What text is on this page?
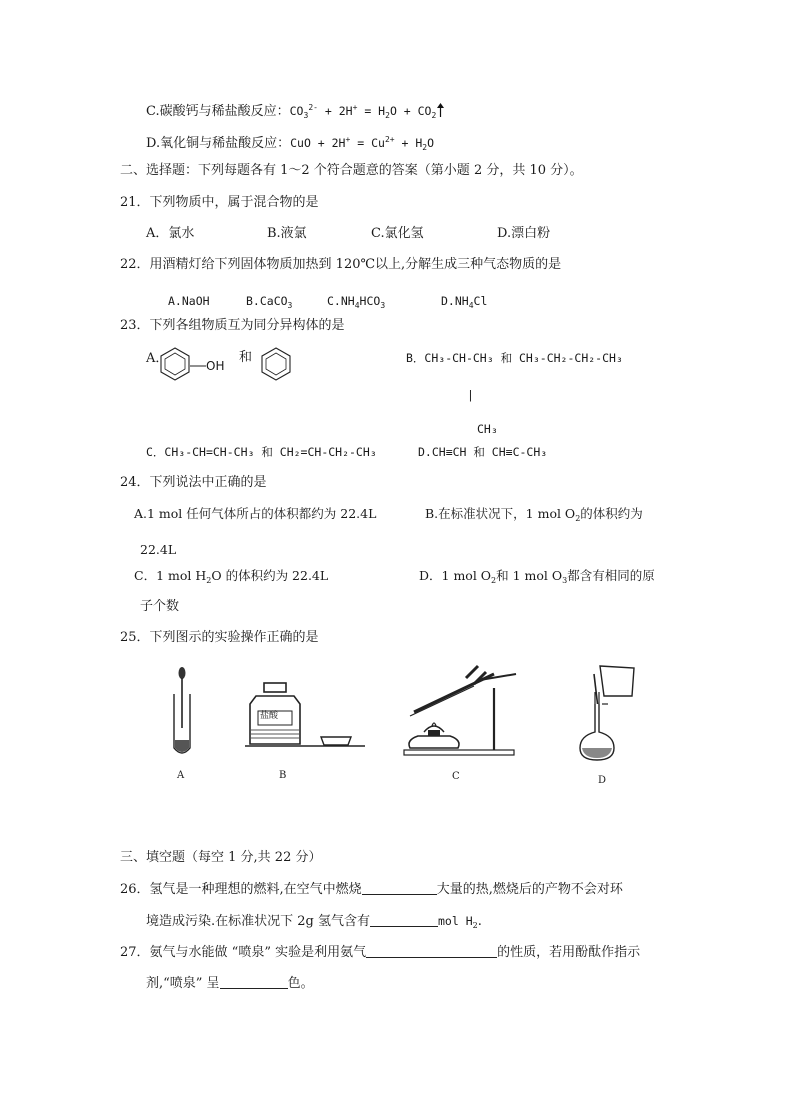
C.碳酸钙与稀盐酸反应：$CO_3^{2-} + 2H^+ = H_2O + CO_2$
D.氧化铜与稀盐酸反应：CuO + $2H^+ = Cu^{2+} + H_2O$
二、选择题：下列每题各有 1～2 个符合题意的答案（第小题 2 分，共 10 分）。
21．下列物质中，属于混合物的是
A．氯水	B.液氯	C.氯化氢	D.漂白粉
22．用酒精灯给下列固体物质加热到 120℃以上,分解生成三种气态物质的是
A.NaOH	B.CaCO$_3$	$C.NH_4HCO_3$	$D.NH_4Cl$
23．下列各组物质互为同分异构体的是
A．	OH
和	B．CH₃-CH-CH₃ 和 CH₃-CH₂-CH₂-CH₃
|
CH₃
C．CH₃-CH=CH-CH₃ 和 CH₂=CH-CH₂-CH₃	D.CH≡CH 和 CH≡C-CH₃
24．下列说法中正确的是
A.1 mol 任何气体所占的体积都约为 22.4L	B.在标准状况下，1 mol $O_2$的体积约为
22.4L
C．1 mol $H_2O$ 的体积约为 22.4L	D．1 mol $O_2$和 1 mol $O_3$都含有相同的原
子个数
25．下列图示的实验操作正确的是
A
盐酸
B	C	D
三、填空题（每空 1 分,共 22 分）
26．氢气是一种理想的燃料,在空气中燃烧	大量的热,燃烧后的产物不会对环
境造成污染.在标准状况下 2g 氢气含有	mol $H_2$.
27．氨气与水能做 “喷泉” 实验是利用氨气	的性质，若用酚酞作指示
剂,“喷泉” 呈	色。
